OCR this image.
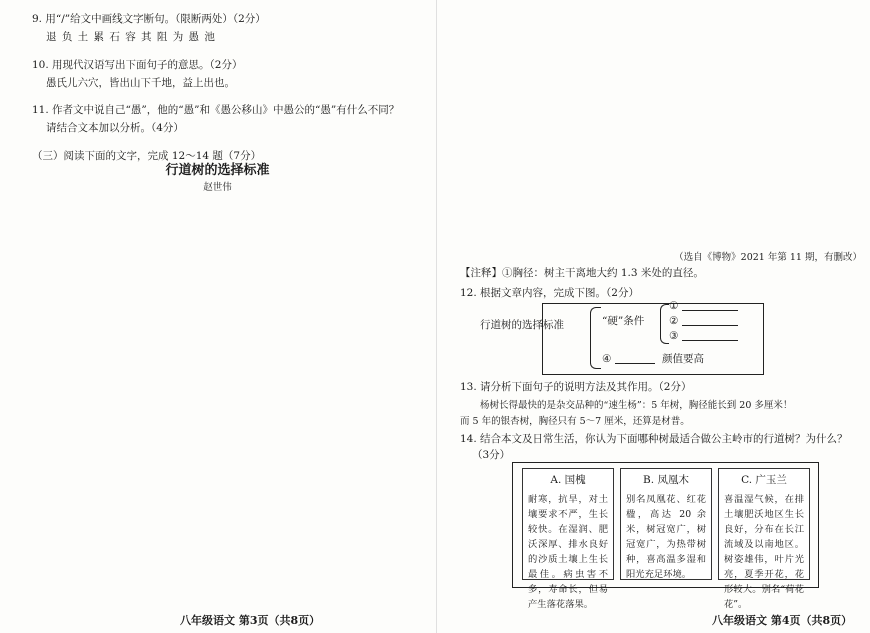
9. 用“/”给文中画线文字断句。（限断两处）（2分）
退 负 土 累 石 容 其 阻 为 愚 池
10. 用现代汉语写出下面句子的意思。（2分）
愚氏儿六穴，皆出山下千地，益上出也。
11. 作者文中说自己“愚”，他的“愚”和《愚公移山》中愚公的“愚”有什么不同？
请结合文本加以分析。（4分）
（三）阅读下面的文字，完成 12～14 题（7分）
行道树的选择标准
赵世伟
八年级语文 第3页（共8页）
（选自《博物》2021 年第 11 期，有删改）
【注释】①胸径：树主干离地大约 1.3 米处的直径。
12. 根据文章内容，完成下图。（2分）
行道树的选择标准	“硬”条件
①
②
③
④	颜值要高
13. 请分析下面句子的说明方法及其作用。（2分）
杨树长得最快的是杂交品种的“速生杨”：5 年树，胸径能长到 20 多厘米！
而 5 年的银杏树，胸径只有 5～7 厘米，还算是材普。
14. 结合本文及日常生活，你认为下面哪种树最适合做公主岭市的行道树？为什么？
（3分）
A. 国槐
耐寒，抗旱，对土壤要求不严，生长较快。在湿润、肥沃深厚、排水良好的沙质土壤上生长最佳。病虫害不多，寿命长，但易产生落花落果。
B. 凤凰木
别名凤凰花、红花楹，高达 20 余米，树冠宽广，树冠宽广，为热带树种，喜高温多湿和阳光充足环境。
C. 广玉兰
喜温湿气候，在排土壤肥沃地区生长良好，分布在长江流域及以南地区。树姿雄伟，叶片光亮，夏季开花，花形较大。别名“荷花花”。
八年级语文 第4页（共8页）
